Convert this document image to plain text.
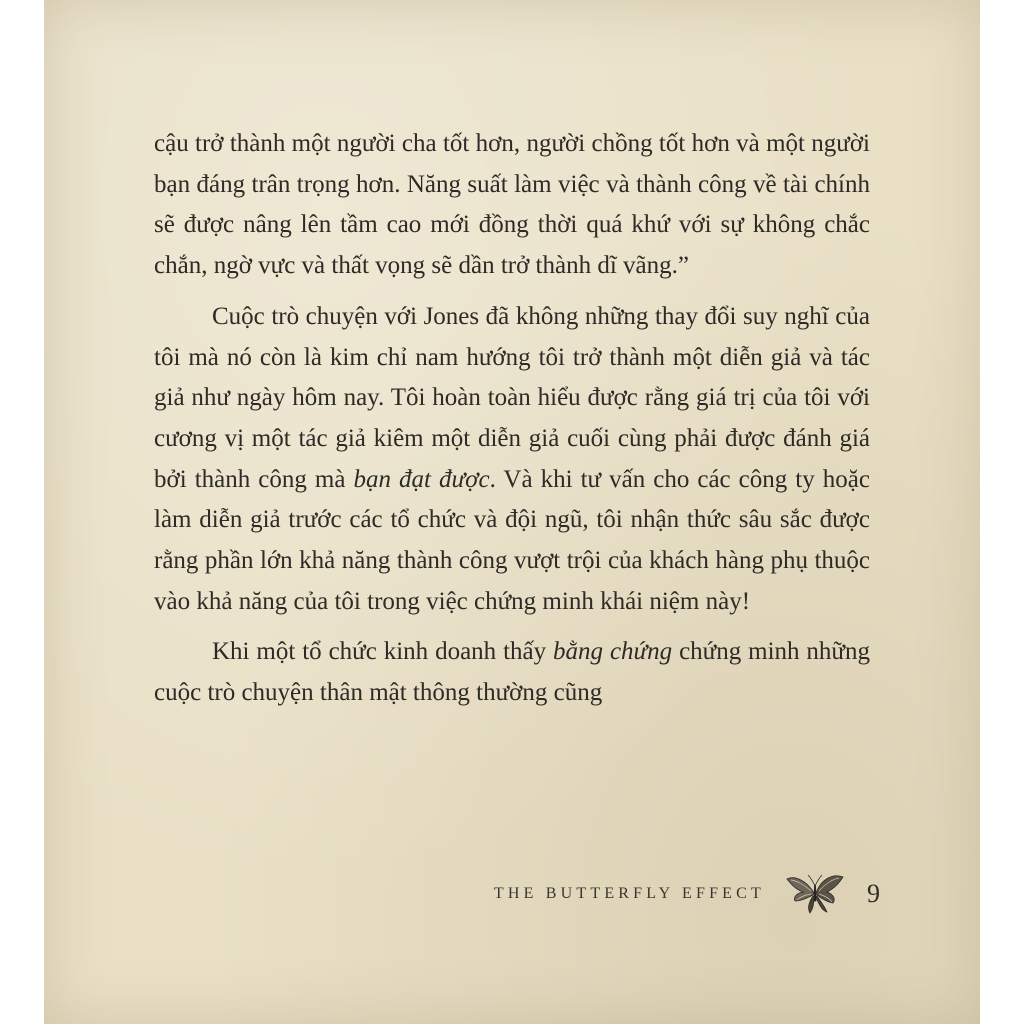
cậu trở thành một người cha tốt hơn, người chồng tốt hơn và một người bạn đáng trân trọng hơn. Năng suất làm việc và thành công về tài chính sẽ được nâng lên tầm cao mới đồng thời quá khứ với sự không chắc chắn, ngờ vực và thất vọng sẽ dần trở thành dĩ vãng.”

Cuộc trò chuyện với Jones đã không những thay đổi suy nghĩ của tôi mà nó còn là kim chỉ nam hướng tôi trở thành một diễn giả và tác giả như ngày hôm nay. Tôi hoàn toàn hiểu được rằng giá trị của tôi với cương vị một tác giả kiêm một diễn giả cuối cùng phải được đánh giá bởi thành công mà bạn đạt được. Và khi tư vấn cho các công ty hoặc làm diễn giả trước các tổ chức và đội ngũ, tôi nhận thức sâu sắc được rằng phần lớn khả năng thành công vượt trội của khách hàng phụ thuộc vào khả năng của tôi trong việc chứng minh khái niệm này!

Khi một tổ chức kinh doanh thấy bằng chứng chứng minh những cuộc trò chuyện thân mật thông thường cũng

THE BUTTERFLY EFFECT	9
